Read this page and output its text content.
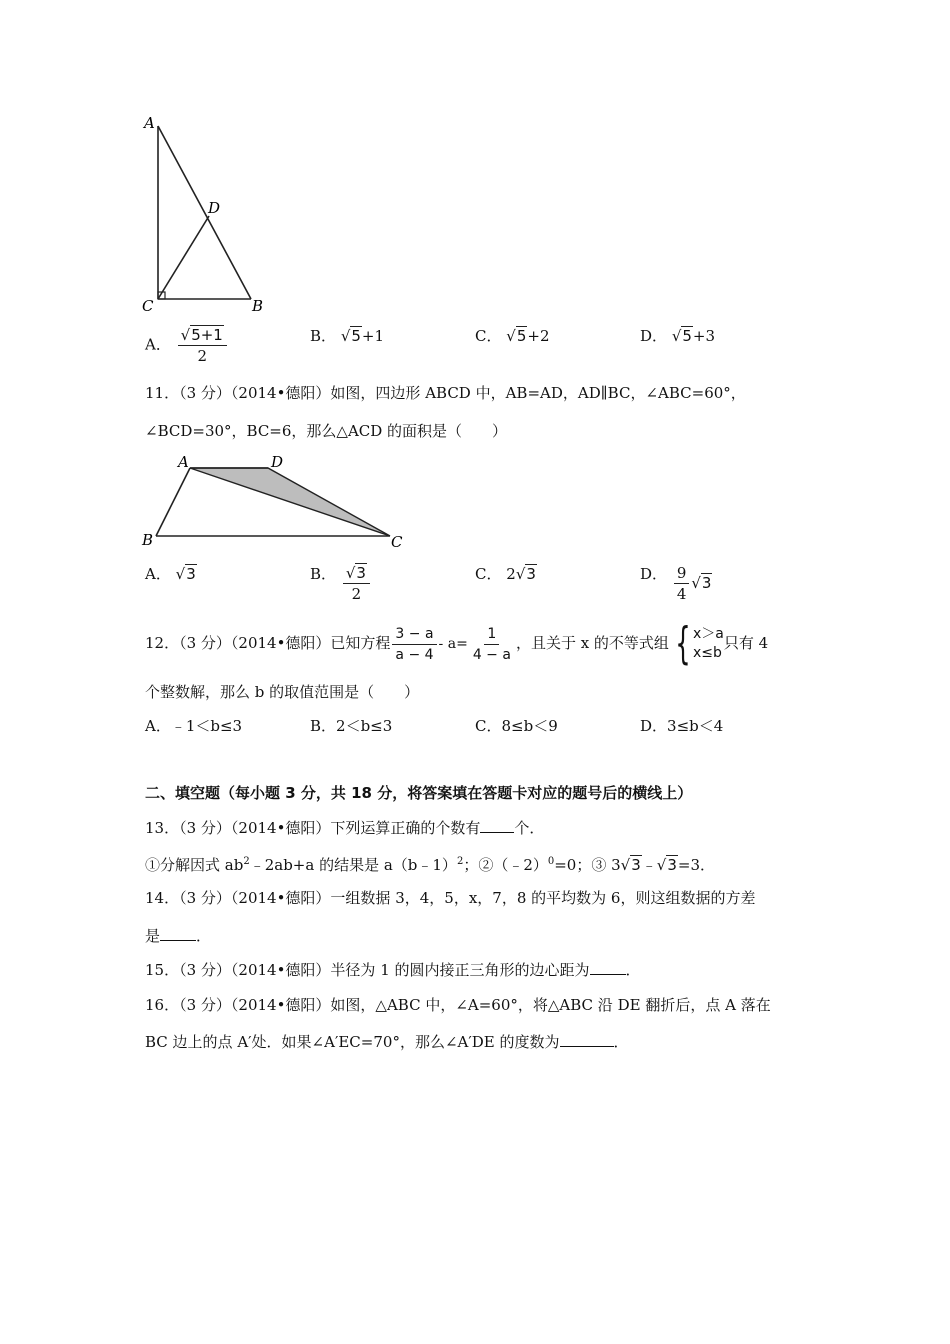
A
D
C	B
A． $\frac{√5+1}{2}$	B． √5+1	C． √5+2	D． √5+3
11．（3 分）（2014•德阳）如图，四边形 ABCD 中，AB=AD，AD∥BC，∠ABC=60°，
∠BCD=30°，BC=6，那么△ACD 的面积是（　　）
A	D
B	C
A． √3	B． $\frac{√3}{2}$	C． 2√3	D． $\frac{9}{4} √3$
12．（3 分）（2014•德阳）已知方程 $\frac{3 - a}{a - 4} - a= \frac{1}{4 - a}$ ，且关于 x 的不等式组 { x＞a
x≤b
只有 4
个整数解，那么 b 的取值范围是（　　）
A．﹣1＜b≤3	B．2＜b≤3	C．8≤b＜9	D．3≤b＜4
二、填空题（每小题 3 分，共 18 分，将答案填在答题卡对应的题号后的横线上）
13．（3 分）（2014•德阳）下列运算正确的个数有 个．
①分解因式 $ab^2﹣2ab+a$ 的结果是 a（b﹣1）$^2$；②（﹣2）$^0$=0；③ 3√3﹣√3=3．
14．（3 分）（2014•德阳）一组数据 3，4，5，x，7，8 的平均数为 6，则这组数据的方差
是 ．
15．（3 分）（2014•德阳）半径为 1 的圆内接正三角形的边心距为 ．
16．（3 分）（2014•德阳）如图，△ABC 中，∠A=60°，将△ABC 沿 DE 翻折后，点 A 落在
BC 边上的点 A′处．如果∠A′EC=70°，那么∠A′DE 的度数为	．
